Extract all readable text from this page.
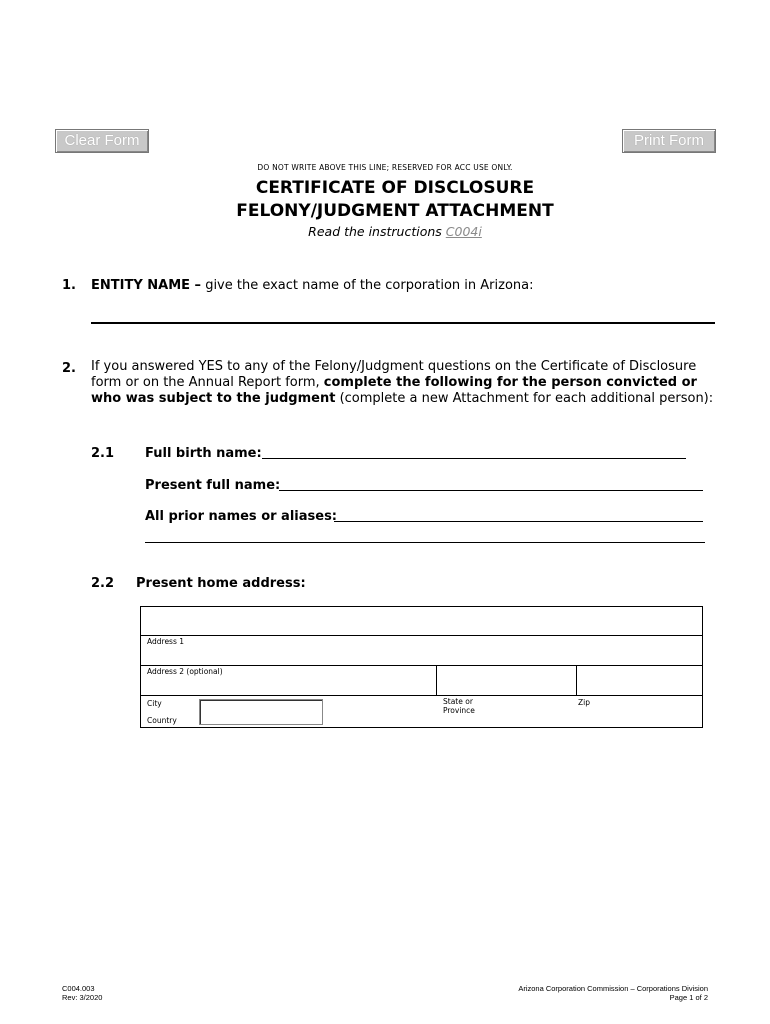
Clear Form	Print Form
DO NOT WRITE ABOVE THIS LINE; RESERVED FOR ACC USE ONLY.
CERTIFICATE OF DISCLOSURE
FELONY/JUDGMENT ATTACHMENT
Read the instructions C004i
1. ENTITY NAME – give the exact name of the corporation in Arizona:
2. If you answered YES to any of the Felony/Judgment questions on the Certificate of Disclosure
form or on the Annual Report form, complete the following for the person convicted or
who was subject to the judgment (complete a new Attachment for each additional person):
2.1 Full birth name:
Present full name:
All prior names or aliases:
2.2 Present home address:
Address 1
Address 2 (optional)
City
Country
State or
Province
Zip
C004.003
Rev: 3/2020
Arizona Corporation Commission – Corporations Division
Page 1 of 2
